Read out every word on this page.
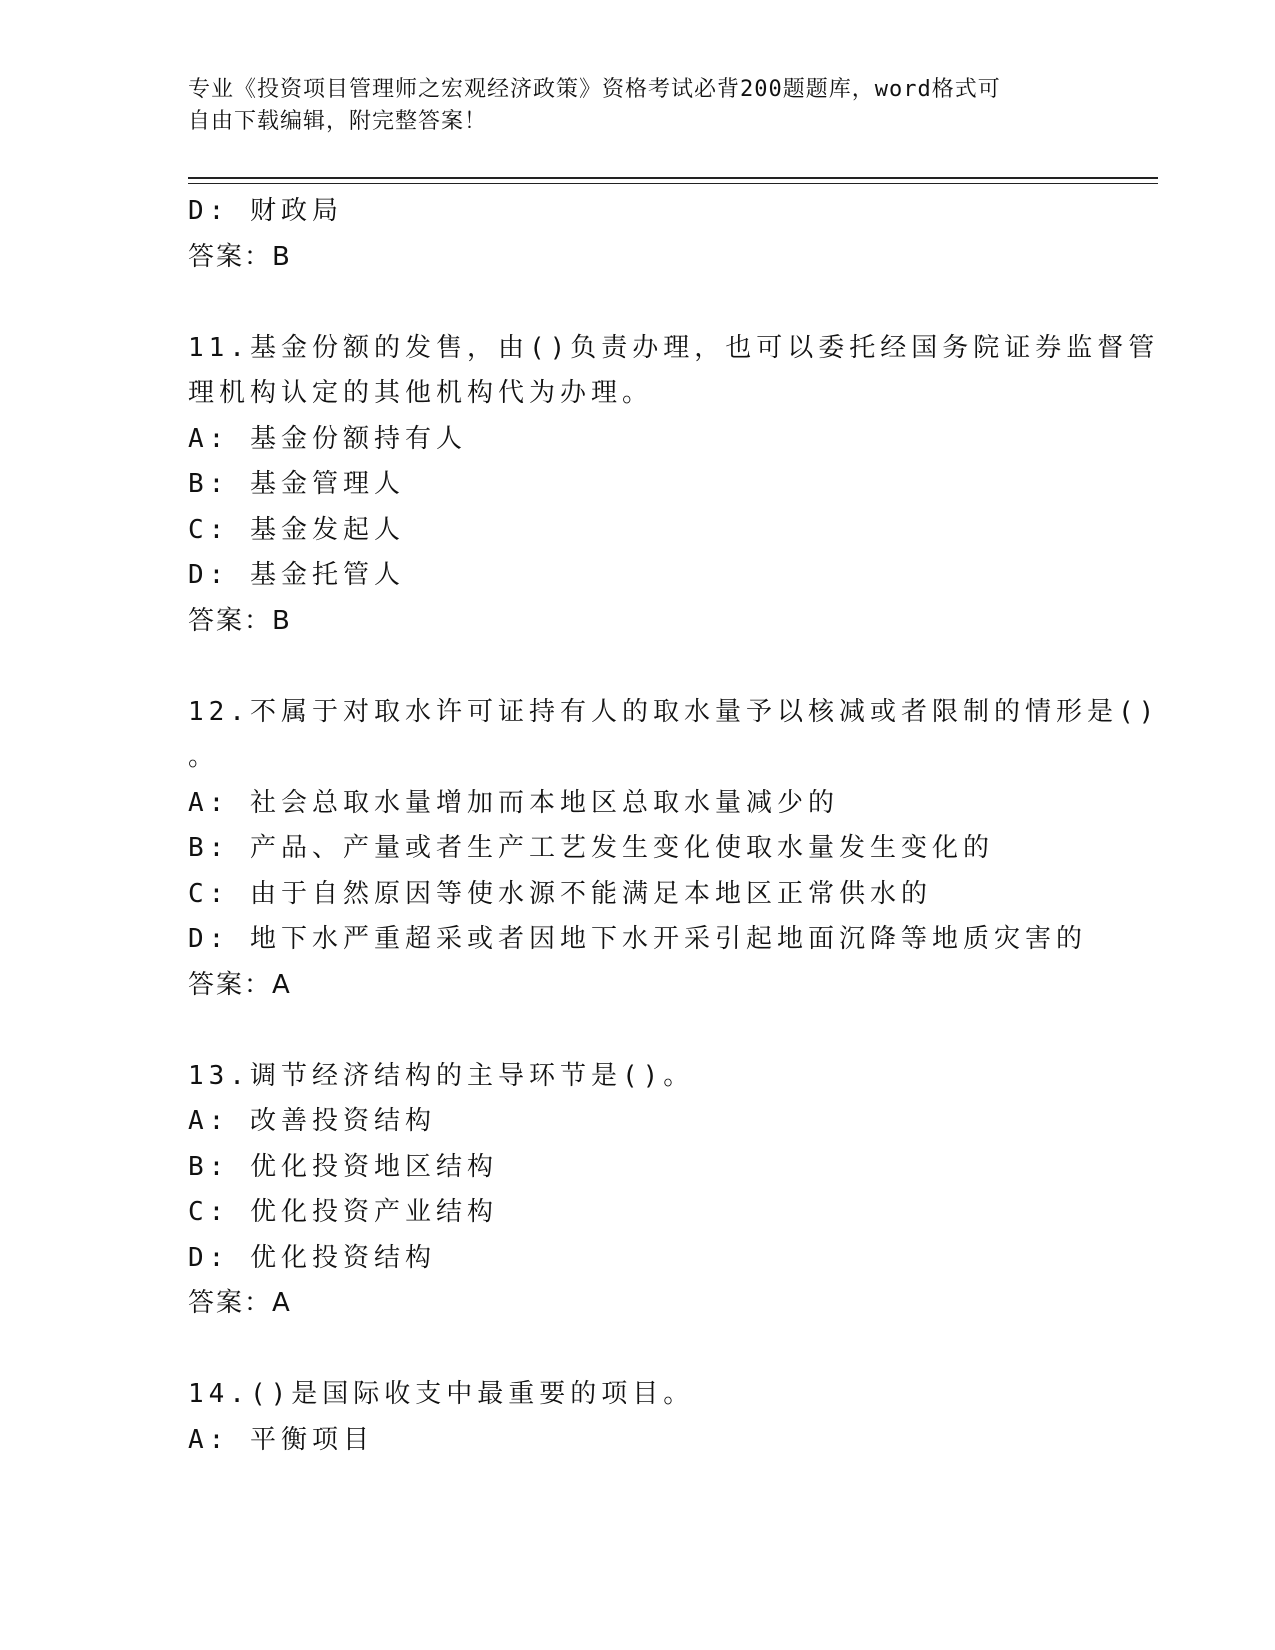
专业《投资项目管理师之宏观经济政策》资格考试必背200题题库，word格式可
自由下载编辑，附完整答案！
D: 财政局
答案：B
11.基金份额的发售，由()负责办理，也可以委托经国务院证券监督管
理机构认定的其他机构代为办理。
A: 基金份额持有人
B: 基金管理人
C: 基金发起人
D: 基金托管人
答案：B
12.不属于对取水许可证持有人的取水量予以核减或者限制的情形是()
。
A: 社会总取水量增加而本地区总取水量减少的
B: 产品、产量或者生产工艺发生变化使取水量发生变化的
C: 由于自然原因等使水源不能满足本地区正常供水的
D: 地下水严重超采或者因地下水开采引起地面沉降等地质灾害的
答案：A
13.调节经济结构的主导环节是()。
A: 改善投资结构
B: 优化投资地区结构
C: 优化投资产业结构
D: 优化投资结构
答案：A
14.()是国际收支中最重要的项目。
A: 平衡项目
